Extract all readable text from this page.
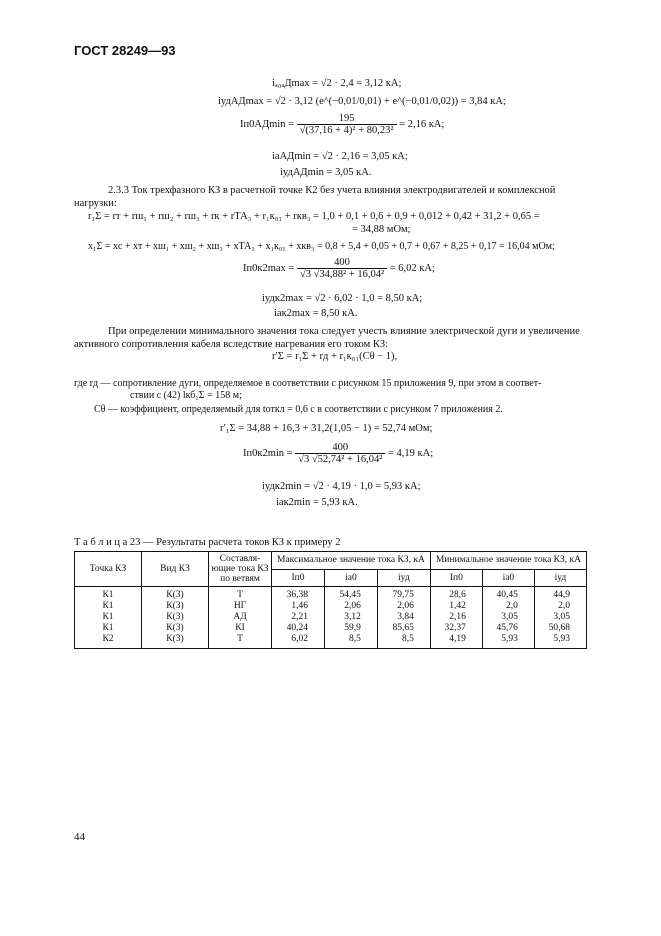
ГОСТ 28249—93
iₐ₀ₐДmax = √2 · 2,4 = 3,12 кА;
iудАДmax = √2 · 3,12 (e^(−0,01/0,01) + e^(−0,01/0,02)) = 3,84 кА;
$Iп0АД\min = \frac{195}{\text{√(37,16 + 4)² + 80,23²}} = 2,16$ кА;
iаАДmin = √2 · 2,16 = 3,05 кА;
iудАДmin = 3,05 кА.
2.3.3 Ток трехфазного КЗ в расчетной точке К2 без учета влияния электродвигателей и комплексной нагрузки:
r₁Σ = rт + rш₁ + rш₂ + rш₃ + rк + rТА₃ + r₁к₀₁ + rкв₃ = 1,0 + 0,1 + 0,6 + 0,9 + 0,012 + 0,42 + 31,2 + 0,65 =
= 34,88 мОм;
x₁Σ = xс + xт + xш₁ + xш₂ + xш₃ + xТА₃ + x₁к₀₁ + xкв₃ = 0,8 + 5,4 + 0,05 + 0,7 + 0,67 + 8,25 + 0,17 = 16,04 мОм;
$Iп0к2\max = \frac{400}{\text{√3 √34,88² + 16,04²}} = 6,02$ кА;
iудк2max = √2 · 6,02 · 1,0 = 8,50 кА;
iак2max = 8,50 кА.
При определении минимального значения тока следует учесть влияние электрической дуги и увеличение активного сопротивления кабеля вследствие нагревания его током КЗ:
r′Σ = r₁Σ + rд + r₁к₀₁(Cθ − 1),
где rд — сопротивление дуги, определяемое в соответствии с рисунком 15 приложения 9, при этом в соответ-
ствии с (42) lкб₁Σ = 158 м;
Cθ — коэффициент, определяемый для tоткл = 0,6 с в соответствии с рисунком 7 приложения 2.
r′₁Σ = 34,88 + 16,3 + 31,2(1,05 − 1) = 52,74 мОм;
$Iп0к2\min = \frac{400}{\text{√3 √52,74² + 16,04²}} = 4,19$ кА;
iудк2min = √2 · 4,19 · 1,0 = 5,93 кА;
iак2min = 5,93 кА.
Т а б л и ц а 23 — Результаты расчета токов КЗ к примеру 2
Точка КЗ	Вид КЗ	Составля-ющие тока КЗ по ветвям	Максимальное значение тока КЗ, кА			Минимальное значение тока КЗ, кА		
			Iп0	iа0	iуд	Iп0	iа0	iуд
К1	К(3)	Т	36,38	54,45	79,75	28,6	40,45	44,9
К1	К(3)	НГ	1,46	2,06	2,06	1,42	2,0	2,0
К1	К(3)	АД	2,21	3,12	3,84	2,16	3,05	3,05
К1	К(3)	КI	40,24	59,9	85,65	32,37	45,76	50,68
К2	К(3)	Т	6,02	8,5	8,5	4,19	5,93	5,93
44
